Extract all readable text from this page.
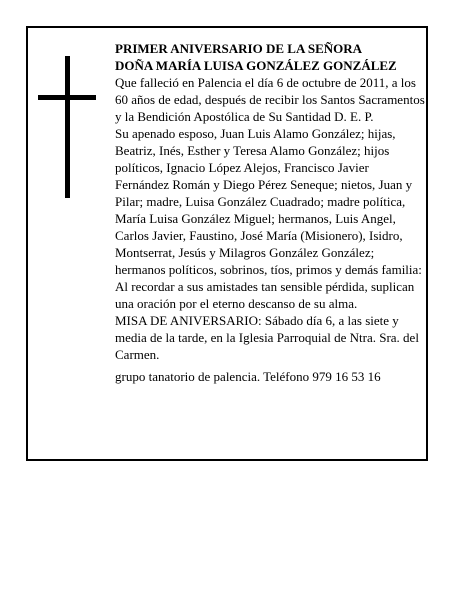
PRIMER ANIVERSARIO DE LA SEÑORA

DOÑA MARÍA LUISA GONZÁLEZ GONZÁLEZ

Que falleció en Palencia el día 6 de octubre de 2011, a los 60 años de edad, después de recibir los Santos Sacramentos y la Bendición Apostólica de Su Santidad D. E. P.

Su apenado esposo, Juan Luis Alamo González; hijas, Beatriz, Inés, Esther y Teresa Alamo González; hijos políticos, Ignacio López Alejos, Francisco Javier Fernández Román y Diego Pérez Seneque; nietos, Juan y Pilar; madre, Luisa González Cuadrado; madre política, María Luisa González Miguel; hermanos, Luis Angel, Carlos Javier, Faustino, José María (Misionero), Isidro, Montserrat, Jesús y Milagros González González; hermanos políticos, sobrinos, tíos, primos y demás familia:

Al recordar a sus amistades tan sensible pérdida, suplican una oración por el eterno descanso de su alma.

MISA DE ANIVERSARIO: Sábado día 6, a las siete y media de la tarde, en la Iglesia Parroquial de Ntra. Sra. del Carmen.

grupo tanatorio de palencia. Teléfono 979 16 53 16
